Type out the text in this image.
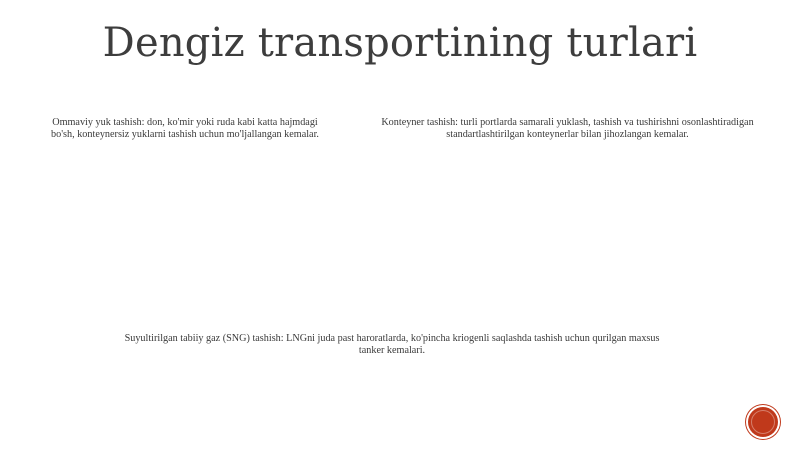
Dengiz transportining turlari

Ommaviy yuk tashish: don, ko'mir yoki ruda kabi katta hajmdagi bo'sh, konteynersiz yuklarni tashish uchun mo'ljallangan kemalar.

Konteyner tashish: turli portlarda samarali yuklash, tashish va tushirishni osonlashtiradigan standartlashtirilgan konteynerlar bilan jihozlangan kemalar.

Suyultirilgan tabiiy gaz (SNG) tashish: LNGni juda past haroratlarda, ko'pincha kriogenli saqlashda tashish uchun qurilgan maxsus tanker kemalari.
